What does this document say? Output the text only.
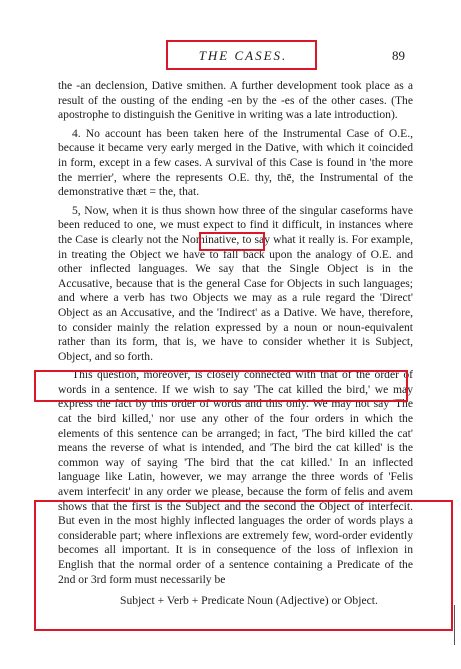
THE CASES.	89

the -an declension, Dative smithen. A further development took place as a result of the ousting of the ending -en by the -es of the other cases. (The apostrophe to distinguish the Genitive in writing was a late introduction).

4. No account has been taken here of the Instrumental Case of O.E., because it became very early merged in the Dative, with which it coincided in form, except in a few cases. A survival of this Case is found in 'the more the merrier', where the represents O.E. thy, thē, the Instrumental of the demonstrative thæt = the, that.

5, Now, when it is thus shown how three of the singular caseforms have been reduced to one, we must expect to find it difficult, in instances where the Case is clearly not the Nominative, to say what it really is. For example, in treating the Object we have to fall back upon the analogy of O.E. and other inflected languages. We say that the Single Object is in the Accusative, because that is the general Case for Objects in such languages; and where a verb has two Objects we may as a rule regard the 'Direct' Object as an Accusative, and the 'Indirect' as a Dative. We have, therefore, to consider mainly the relation expressed by a noun or noun-equivalent rather than its form, that is, we have to consider whether it is Subject, Object, and so forth.

This question, moreover, is closely connected with that of the order of words in a sentence. If we wish to say 'The cat killed the bird,' we may express the fact by this order of words and this only. We may not say 'The cat the bird killed,' nor use any other of the four orders in which the elements of this sentence can be arranged; in fact, 'The bird killed the cat' means the reverse of what is intended, and 'The bird the cat killed' is the common way of saying 'The bird that the cat killed.' In an inflected language like Latin, however, we may arrange the three words of 'Felis avem interfecit' in any order we please, because the form of felis and avem shows that the first is the Subject and the second the Object of interfecit. But even in the most highly inflected languages the order of words plays a considerable part; where inflexions are extremely few, word-order evidently becomes all important. It is in consequence of the loss of inflexion in English that the normal order of a sentence containing a Predicate of the 2nd or 3rd form must necessarily be

Subject + Verb + Predicate Noun (Adjective) or Object.
